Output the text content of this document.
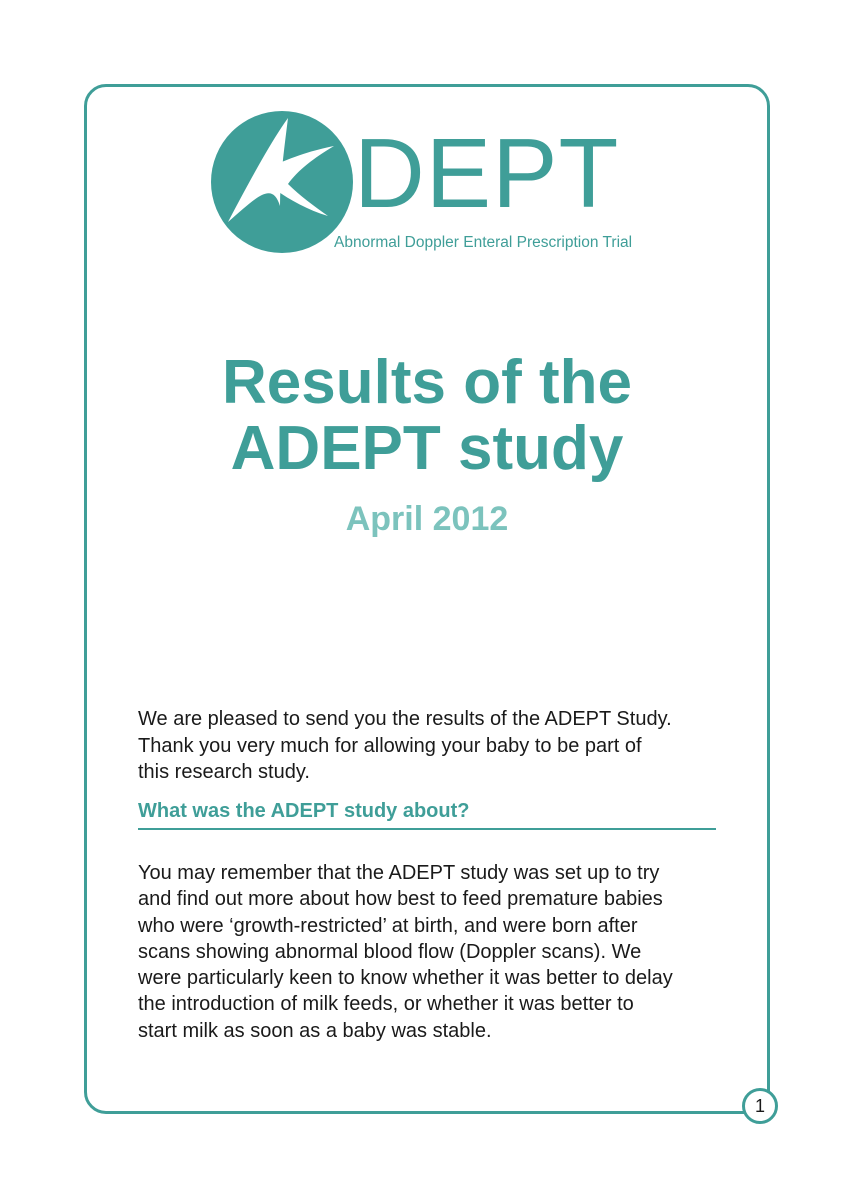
DEPT
Abnormal Doppler Enteral Prescription Trial
Results of the
ADEPT study

April 2012

We are pleased to send you the results of the ADEPT Study.
Thank you very much for allowing your baby to be part of
this research study.

What was the ADEPT study about?

You may remember that the ADEPT study was set up to try
and find out more about how best to feed premature babies
who were ‘growth-restricted’ at birth, and were born after
scans showing abnormal blood flow (Doppler scans). We
were particularly keen to know whether it was better to delay
the introduction of milk feeds, or whether it was better to
start milk as soon as a baby was stable.

1
